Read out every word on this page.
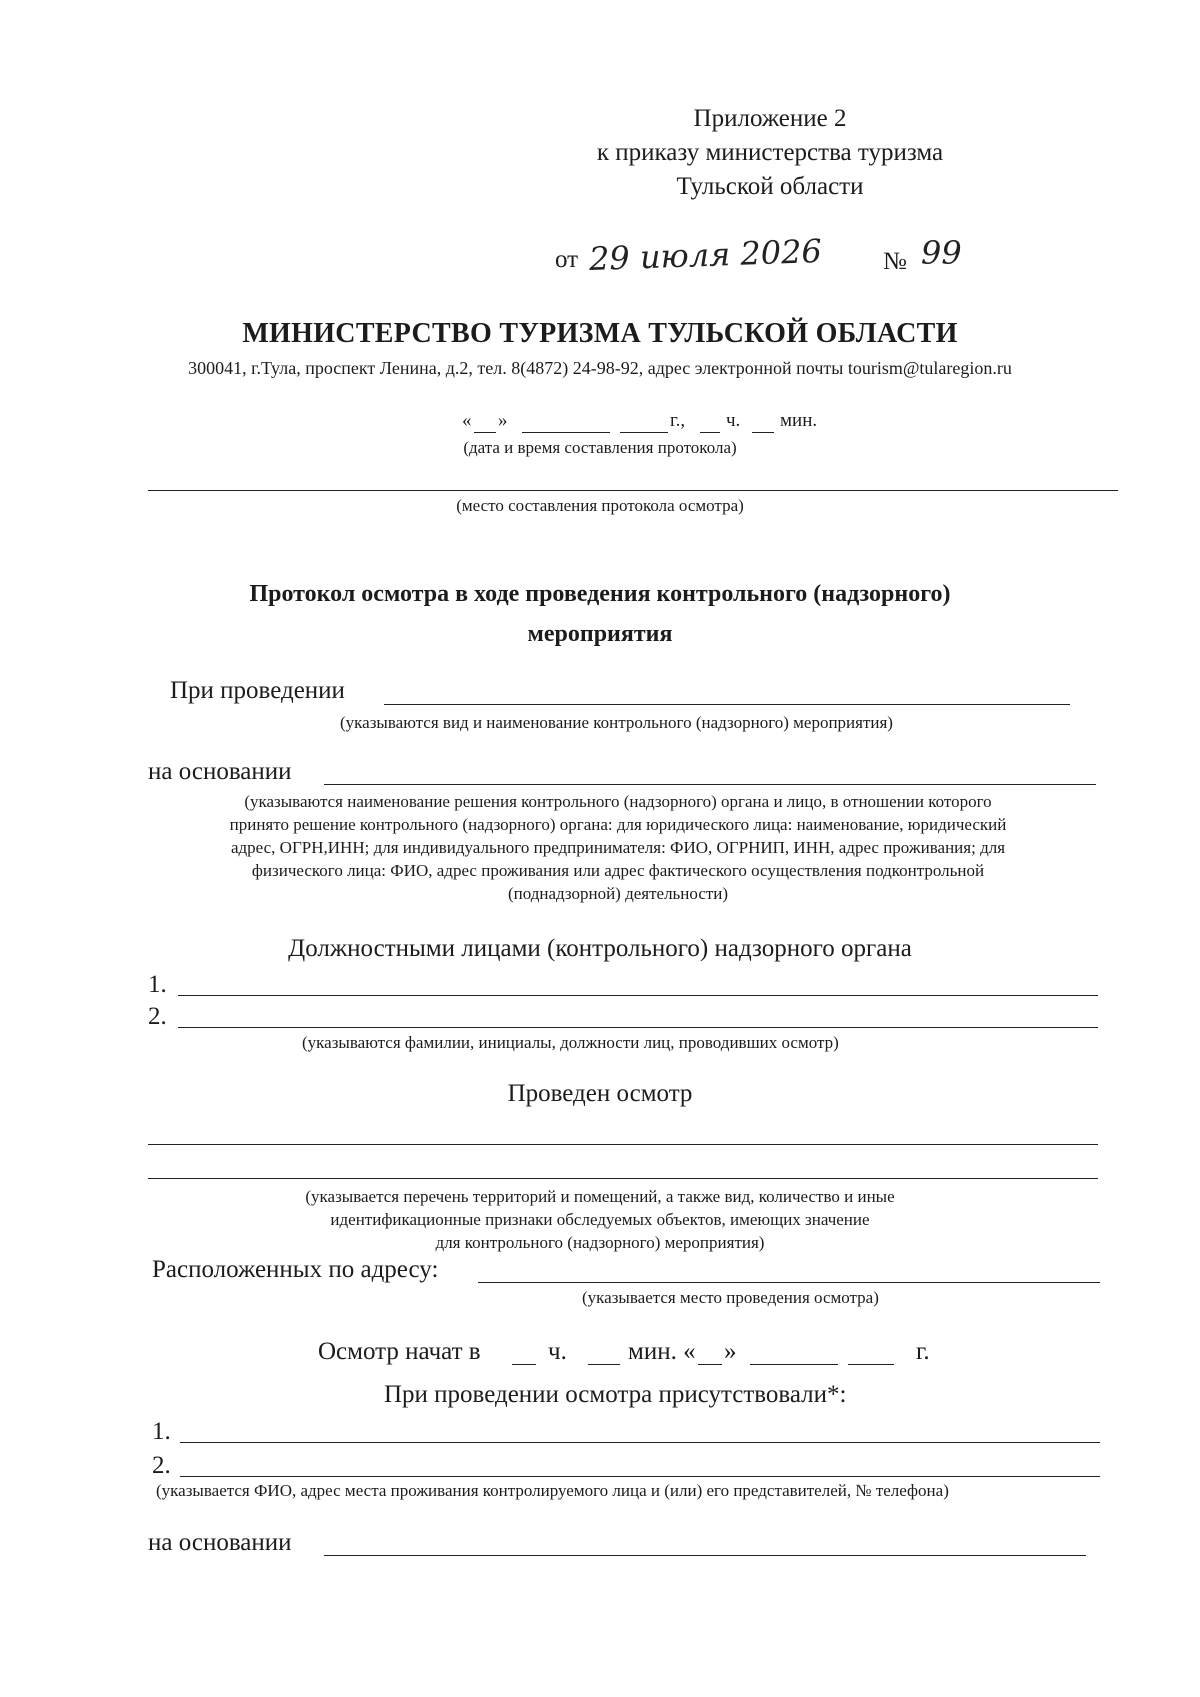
Приложение 2
к приказу министерства туризма
Тульской области
от 29 июля 2026 № 99
МИНИСТЕРСТВО ТУРИЗМА ТУЛЬСКОЙ ОБЛАСТИ
300041, г.Тула, проспект Ленина, д.2, тел. 8(4872) 24-98-92, адрес электронной почты tourism@tularegion.ru
« »	г., ч. мин.
(дата и время составления протокола)
(место составления протокола осмотра)
Протокол осмотра в ходе проведения контрольного (надзорного)
мероприятия
При проведении
(указываются вид и наименование контрольного (надзорного) мероприятия)
на основании
(указываются наименование решения контрольного (надзорного) органа и лицо, в отношении которого
принято решение контрольного (надзорного) органа: для юридического лица: наименование, юридический
адрес, ОГРН,ИНН; для индивидуального предпринимателя: ФИО, ОГРНИП, ИНН, адрес проживания; для
физического лица: ФИО, адрес проживания или адрес фактического осуществления подконтрольной
(поднадзорной) деятельности)
Должностными лицами (контрольного) надзорного органа
1.
2.
(указываются фамилии, инициалы, должности лиц, проводивших осмотр)
Проведен осмотр
(указывается перечень территорий и помещений, а также вид, количество и иные
идентификационные признаки обследуемых объектов, имеющих значение
для контрольного (надзорного) мероприятия)
Расположенных по адресу:
(указывается место проведения осмотра)
Осмотр начат в	ч. мин. « »	г.
При проведении осмотра присутствовали*:
1.
2.
(указывается ФИО, адрес места проживания контролируемого лица и (или) его представителей, № телефона)
на основании
